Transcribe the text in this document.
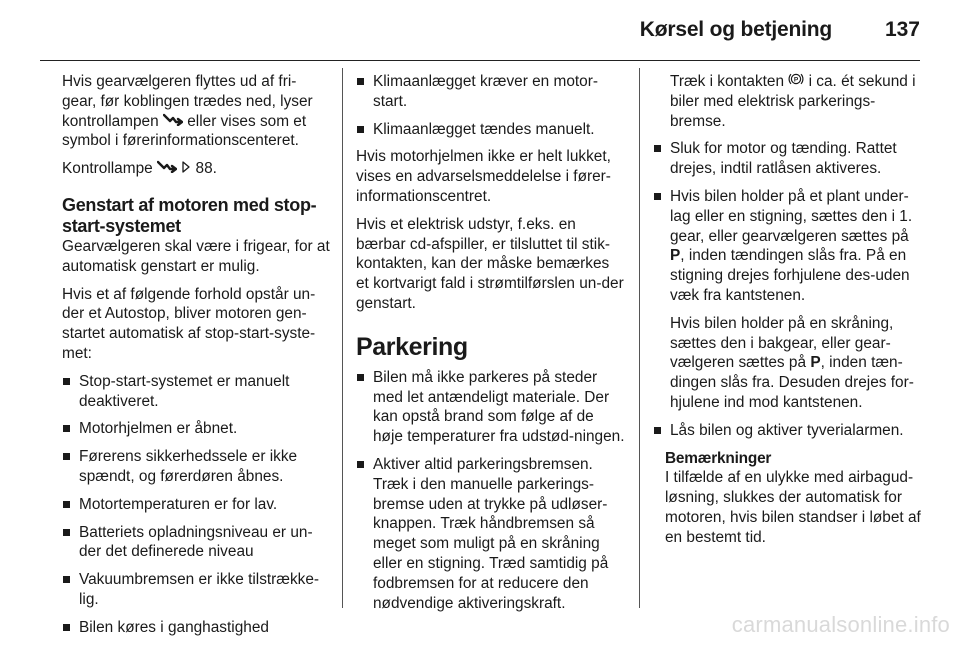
Kørsel og betjening	137

Hvis gearvælgeren flyttes ud af fri-gear, før koblingen trædes ned, lyser kontrollampen eller vises som et symbol i førerinformationscenteret.

Kontrollampe	88.

Genstart af motoren med stop-start-systemet

Gearvælgeren skal være i frigear, for at automatisk genstart er mulig.

Hvis et af følgende forhold opstår un-der et Autostop, bliver motoren gen-startet automatisk af stop-start-syste-met:

Stop-start-systemet er manuelt deaktiveret.
Motorhjelmen er åbnet.
Førerens sikkerhedssele er ikke spændt, og førerdøren åbnes.
Motortemperaturen er for lav.
Batteriets opladningsniveau er un-der det definerede niveau
Vakuumbremsen er ikke tilstrække-lig.
Bilen køres i ganghastighed
Klimaanlægget kræver en motor-start.
Klimaanlægget tændes manuelt.

Hvis motorhjelmen ikke er helt lukket, vises en advarselsmeddelelse i fører-informationscentret.

Hvis et elektrisk udstyr, f.eks. en bærbar cd-afspiller, er tilsluttet til stik-kontakten, kan der måske bemærkes et kortvarigt fald i strømtilførslen un-der genstart.

Parkering
Bilen må ikke parkeres på steder med let antændeligt materiale. Der kan opstå brand som følge af de høje temperaturer fra udstød-ningen.
Aktiver altid parkeringsbremsen. Træk i den manuelle parkerings-bremse uden at trykke på udløser-knappen. Træk håndbremsen så meget som muligt på en skråning eller en stigning. Træd samtidig på fodbremsen for at reducere den nødvendige aktiveringskraft.

Træk i kontakten P i ca. ét sekund i biler med elektrisk parkerings-bremse.

Sluk for motor og tænding. Rattet drejes, indtil ratlåsen aktiveres.
Hvis bilen holder på et plant under-lag eller en stigning, sættes den i 1. gear, eller gearvælgeren sættes på P, inden tændingen slås fra. På en stigning drejes forhjulene des-uden væk fra kantstenen.

Hvis bilen holder på en skråning, sættes den i bakgear, eller gear-vælgeren sættes på P, inden tæn-dingen slås fra. Desuden drejes for-hjulene ind mod kantstenen.

Lås bilen og aktiver tyverialarmen.
Bemærkninger
I tilfælde af en ulykke med airbagud-løsning, slukkes der automatisk for motoren, hvis bilen standser i løbet af en bestemt tid.
carmanualsonline.info
